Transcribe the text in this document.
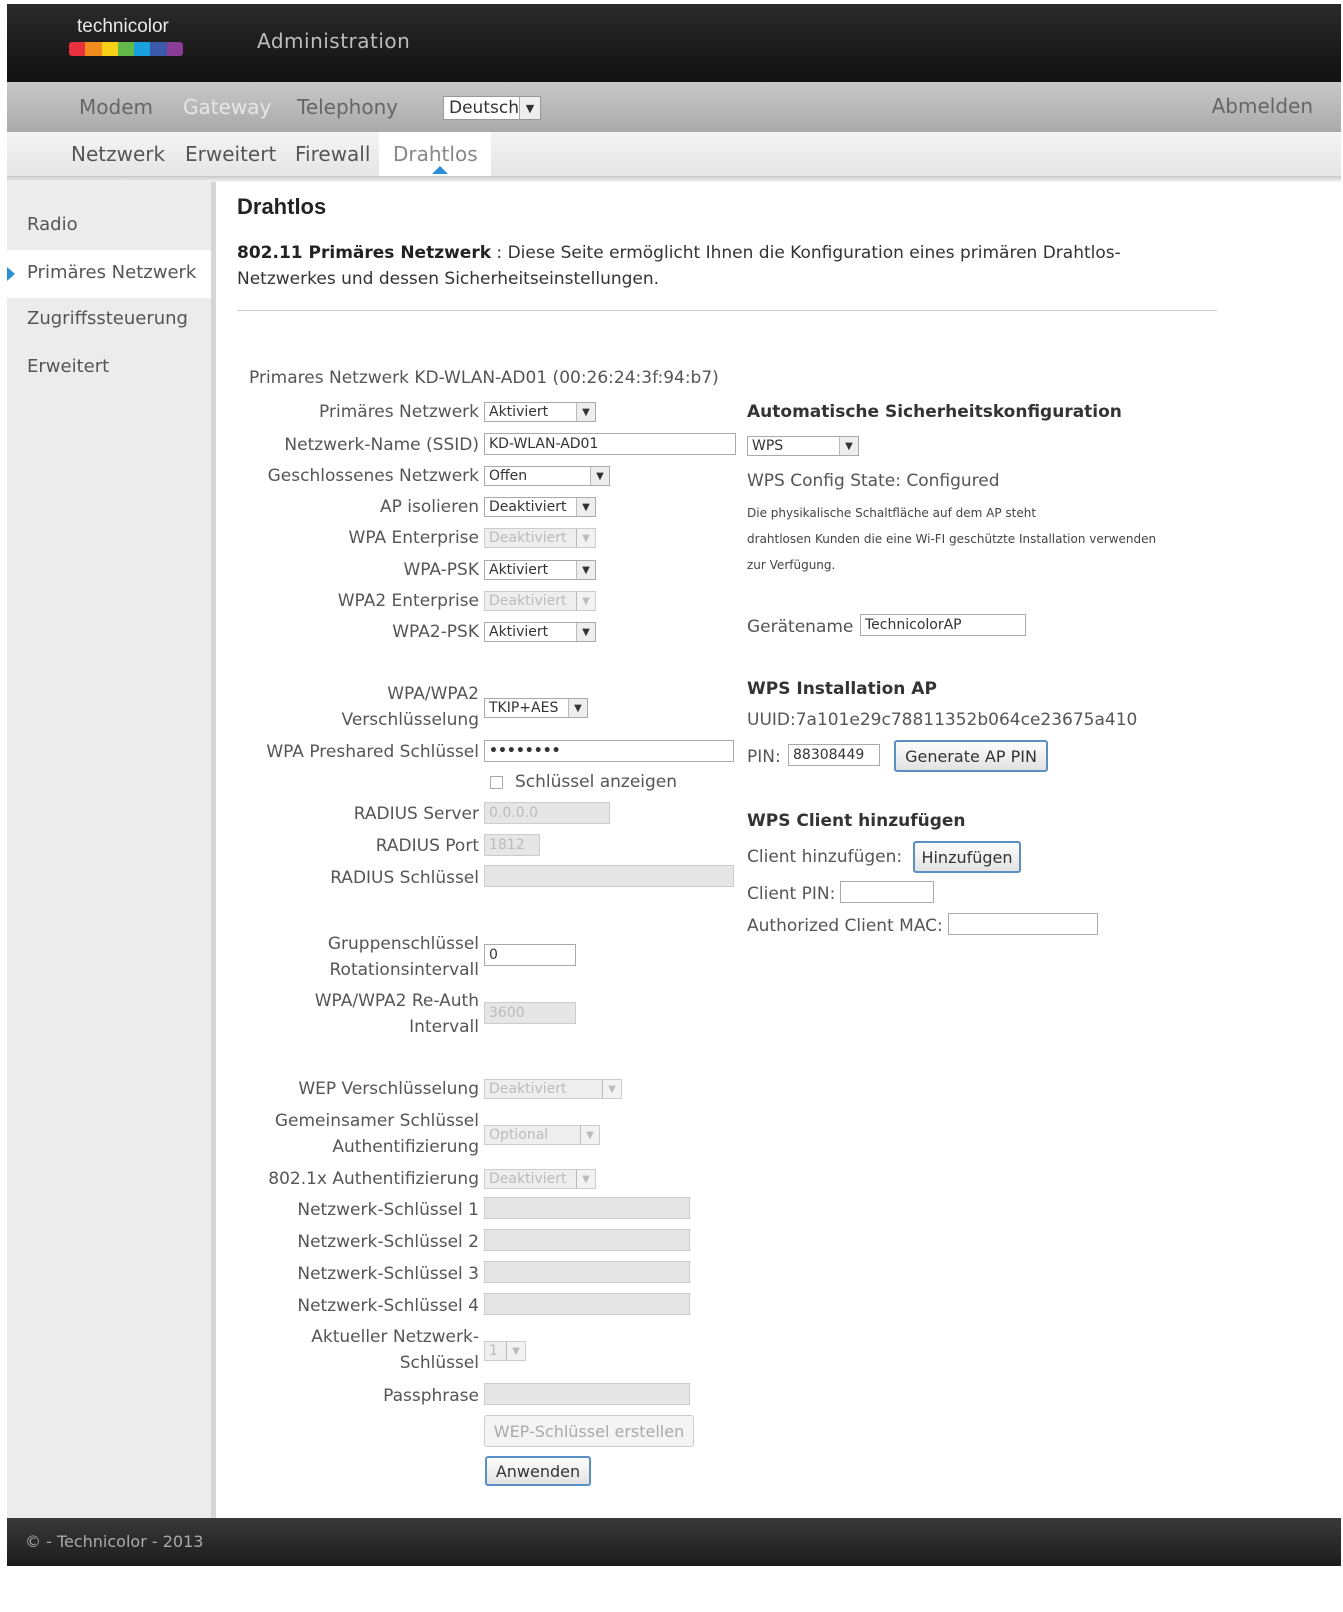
technicolor
Administration
Modem Gateway Telephony	Deutsch ▼	Abmelden
Netzwerk Erweitert Firewall Drahtlos
Radio
Primäres Netzwerk
Zugriffssteuerung
Erweitert
Drahtlos
802.11 Primäres Netzwerk : Diese Seite ermöglicht Ihnen die Konfiguration eines primären Drahtlos-Netzwerkes und dessen Sicherheitseinstellungen.
Primares Netzwerk KD-WLAN-AD01 (00:26:24:3f:94:b7)
Primäres Netzwerk Aktiviert	▼
Netzwerk-Name (SSID) KD-WLAN-AD01
Geschlossenes Netzwerk Offen	▼
AP isolieren Deaktiviert	▼
WPA Enterprise Deaktiviert	▼
WPA-PSK Aktiviert	▼
WPA2 Enterprise Deaktiviert	▼
WPA2-PSK Aktiviert	▼
WPA/WPA2
Verschlüsselung
TKIP+AES	▼
WPA Preshared Schlüssel ••••••••
Schlüssel anzeigen
RADIUS Server 0.0.0.0
RADIUS Port 1812
RADIUS Schlüssel
Gruppenschlüssel
Rotationsintervall
0
WPA/WPA2 Re-Auth
Intervall
3600
WEP Verschlüsselung Deaktiviert	▼
Gemeinsamer Schlüssel
Authentifizierung
Optional	▼
802.1x Authentifizierung Deaktiviert	▼
Netzwerk-Schlüssel 1
Netzwerk-Schlüssel 2
Netzwerk-Schlüssel 3
Netzwerk-Schlüssel 4
Aktueller Netzwerk-
Schlüssel
1	▼
Passphrase
WEP-Schlüssel erstellen
Anwenden
Automatische Sicherheitskonfiguration
WPS	▼
WPS Config State: Configured
Die physikalische Schaltfläche auf dem AP steht
drahtlosen Kunden die eine Wi-FI geschützte Installation verwenden
zur Verfügung.
Gerätename TechnicolorAP
WPS Installation AP
UUID:7a101e29c78811352b064ce23675a410
PIN: 88308449	Generate AP PIN
WPS Client hinzufügen
Client hinzufügen:	Hinzufügen
Client PIN:
Authorized Client MAC:
© - Technicolor - 2013
